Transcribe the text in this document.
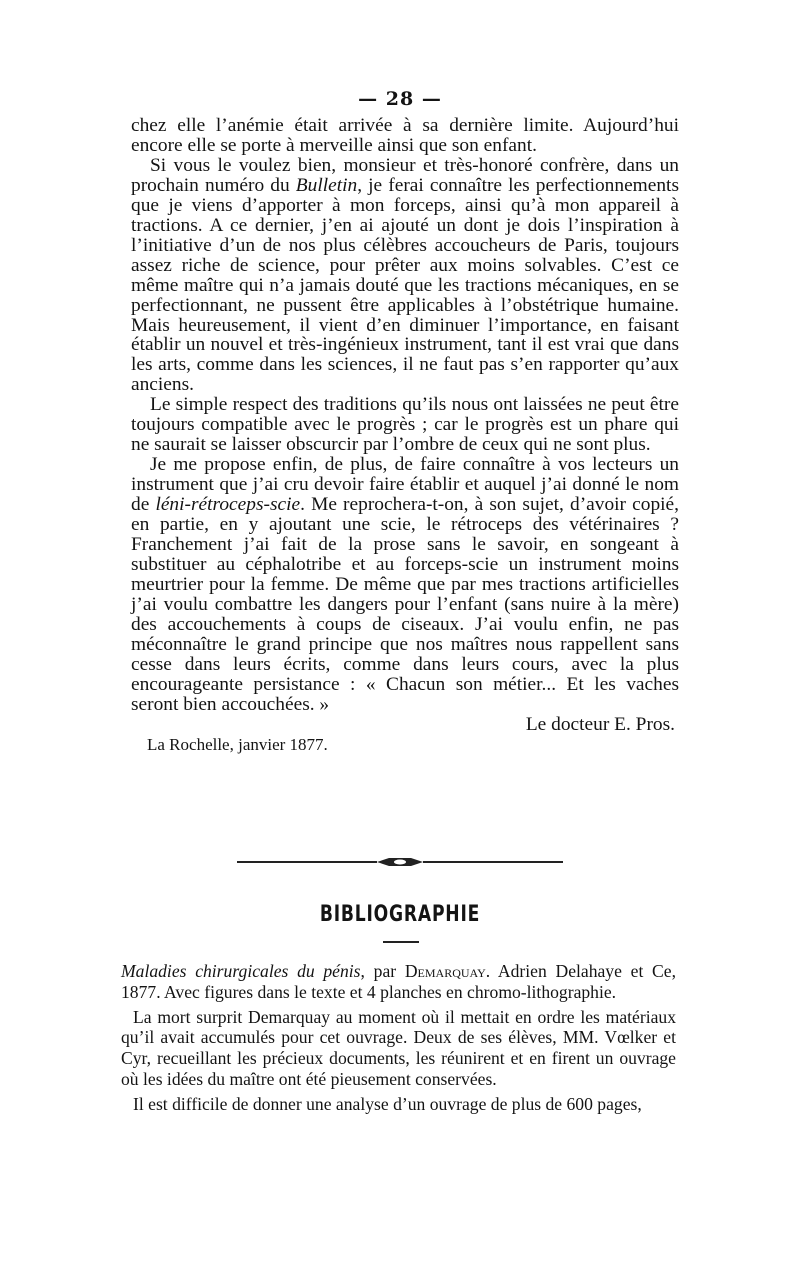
— 28 —

chez elle l’anémie était arrivée à sa dernière limite. Aujourd’hui encore elle se porte à merveille ainsi que son enfant.

Si vous le voulez bien, monsieur et très-honoré confrère, dans un prochain numéro du Bulletin, je ferai connaître les perfectionnements que je viens d’apporter à mon forceps, ainsi qu’à mon appareil à tractions. A ce dernier, j’en ai ajouté un dont je dois l’inspiration à l’initiative d’un de nos plus célèbres accoucheurs de Paris, toujours assez riche de science, pour prêter aux moins solvables. C’est ce même maître qui n’a jamais douté que les tractions mécaniques, en se perfectionnant, ne pussent être applicables à l’obstétrique humaine. Mais heureusement, il vient d’en diminuer l’importance, en faisant établir un nouvel et très-ingénieux instrument, tant il est vrai que dans les arts, comme dans les sciences, il ne faut pas s’en rapporter qu’aux anciens.

Le simple respect des traditions qu’ils nous ont laissées ne peut être toujours compatible avec le progrès ; car le progrès est un phare qui ne saurait se laisser obscurcir par l’ombre de ceux qui ne sont plus.

Je me propose enfin, de plus, de faire connaître à vos lecteurs un instrument que j’ai cru devoir faire établir et auquel j’ai donné le nom de léni-rétroceps-scie. Me reprochera-t-on, à son sujet, d’avoir copié, en partie, en y ajoutant une scie, le rétroceps des vétérinaires ? Franchement j’ai fait de la prose sans le savoir, en songeant à substituer au céphalotribe et au forceps-scie un instrument moins meurtrier pour la femme. De même que par mes tractions artificielles j’ai voulu combattre les dangers pour l’enfant (sans nuire à la mère) des accouchements à coups de ciseaux. J’ai voulu enfin, ne pas méconnaître le grand principe que nos maîtres nous rappellent sans cesse dans leurs écrits, comme dans leurs cours, avec la plus encourageante persistance : « Chacun son métier... Et les vaches seront bien accouchées. »

Le docteur E. Pros.

La Rochelle, janvier 1877.

BIBLIOGRAPHIE

Maladies chirurgicales du pénis, par Demarquay. Adrien Delahaye et Ce, 1877. Avec figures dans le texte et 4 planches en chromo-lithographie.

La mort surprit Demarquay au moment où il mettait en ordre les matériaux qu’il avait accumulés pour cet ouvrage. Deux de ses élèves, MM. Vœlker et Cyr, recueillant les précieux documents, les réunirent et en firent un ouvrage où les idées du maître ont été pieusement conservées.

Il est difficile de donner une analyse d’un ouvrage de plus de 600 pages,
